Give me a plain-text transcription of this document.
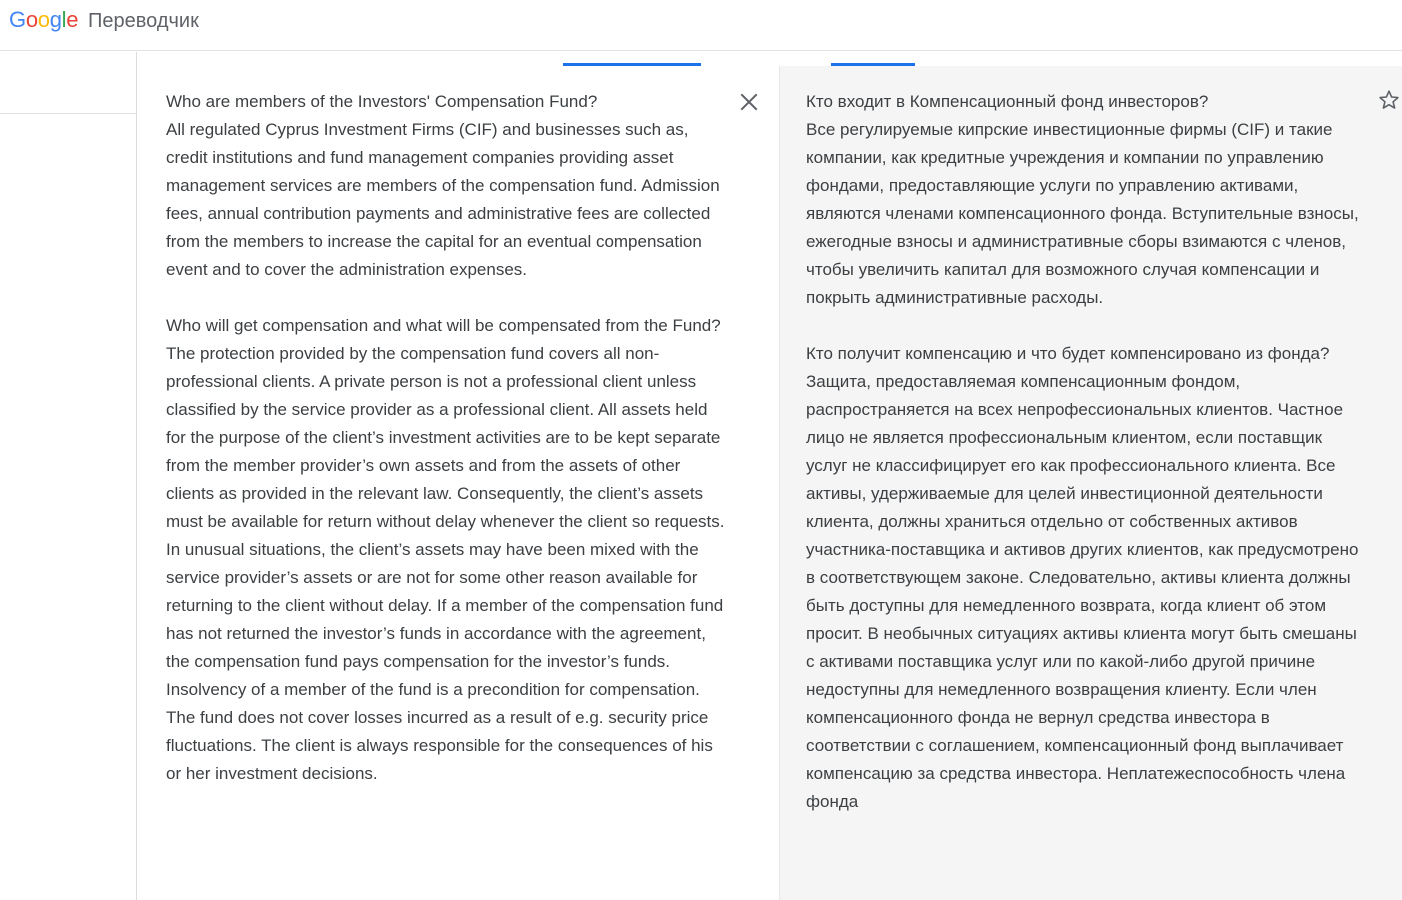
Google Переводчик
Who are members of the Investors' Compensation Fund?
All regulated Cyprus Investment Firms (CIF) and businesses such as, credit institutions and fund management companies providing asset management services are members of the compensation fund. Admission fees, annual contribution payments and administrative fees are collected from the members to increase the capital for an eventual compensation event and to cover the administration expenses.

Who will get compensation and what will be compensated from the Fund?
The protection provided by the compensation fund covers all non-professional clients. A private person is not a professional client unless classified by the service provider as a professional client. All assets held for the purpose of the client’s investment activities are to be kept separate from the member provider’s own assets and from the assets of other clients as provided in the relevant law. Consequently, the client’s assets must be available for return without delay whenever the client so requests. In unusual situations, the client’s assets may have been mixed with the service provider’s assets or are not for some other reason available for returning to the client without delay. If a member of the compensation fund has not returned the investor’s funds in accordance with the agreement, the compensation fund pays compensation for the investor’s funds. Insolvency of a member of the fund is a precondition for compensation. The fund does not cover losses incurred as a result of e.g. security price fluctuations. The client is always responsible for the consequences of his or her investment decisions.
Кто входит в Компенсационный фонд инвесторов?
Все регулируемые кипрские инвестиционные фирмы (CIF) и такие компании, как кредитные учреждения и компании по управлению фондами, предоставляющие услуги по управлению активами, являются членами компенсационного фонда. Вступительные взносы, ежегодные взносы и административные сборы взимаются с членов, чтобы увеличить капитал для возможного случая компенсации и покрыть административные расходы.

Кто получит компенсацию и что будет компенсировано из фонда?
Защита, предоставляемая компенсационным фондом, распространяется на всех непрофессиональных клиентов. Частное лицо не является профессиональным клиентом, если поставщик услуг не классифицирует его как профессионального клиента. Все активы, удерживаемые для целей инвестиционной деятельности клиента, должны храниться отдельно от собственных активов участника-поставщика и активов других клиентов, как предусмотрено в соответствующем законе. Следовательно, активы клиента должны быть доступны для немедленного возврата, когда клиент об этом просит. В необычных ситуациях активы клиента могут быть смешаны с активами поставщика услуг или по какой-либо другой причине недоступны для немедленного возвращения клиенту. Если член компенсационного фонда не вернул средства инвестора в соответствии с соглашением, компенсационный фонд выплачивает компенсацию за средства инвестора. Неплатежеспособность члена фонда
